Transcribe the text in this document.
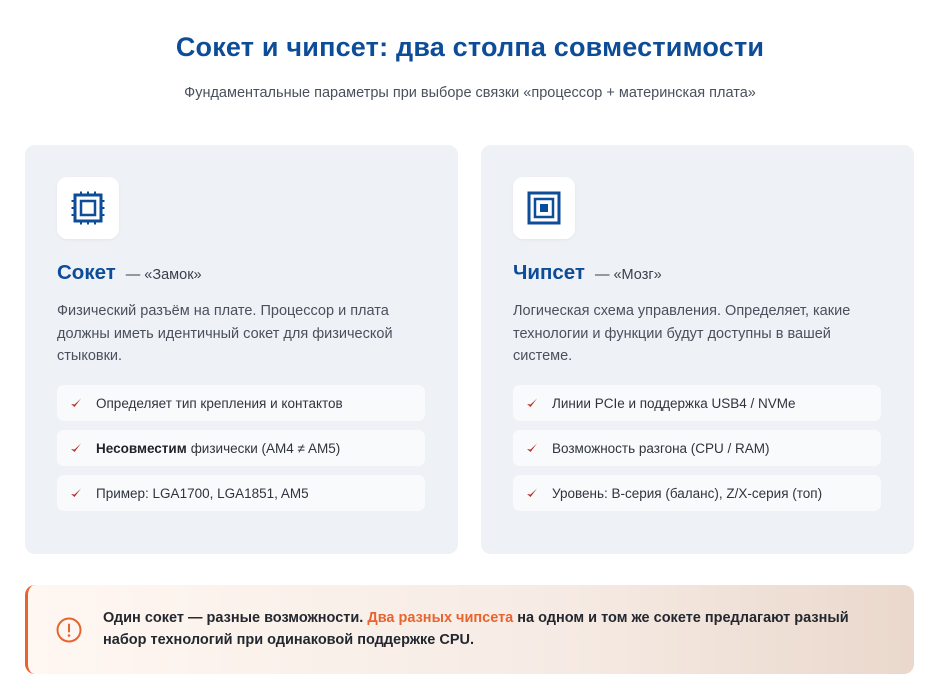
Сокет и чипсет: два столпа совместимости
Фундаментальные параметры при выборе связки «процессор + материнская плата»
Сокет — «Замок»
Физический разъём на плате. Процессор и плата должны иметь идентичный сокет для физической стыковки.
Определяет тип крепления и контактов
Несовместим физически (AM4 ≠ AM5)
Пример: LGA1700, LGA1851, AM5
Чипсет — «Мозг»
Логическая схема управления. Определяет, какие технологии и функции будут доступны в вашей системе.
Линии PCIe и поддержка USB4 / NVMe
Возможность разгона (CPU / RAM)
Уровень: B-серия (баланс), Z/X-серия (топ)
Один сокет — разные возможности. Два разных чипсета на одном и том же сокете предлагают разный набор технологий при одинаковой поддержке CPU.
